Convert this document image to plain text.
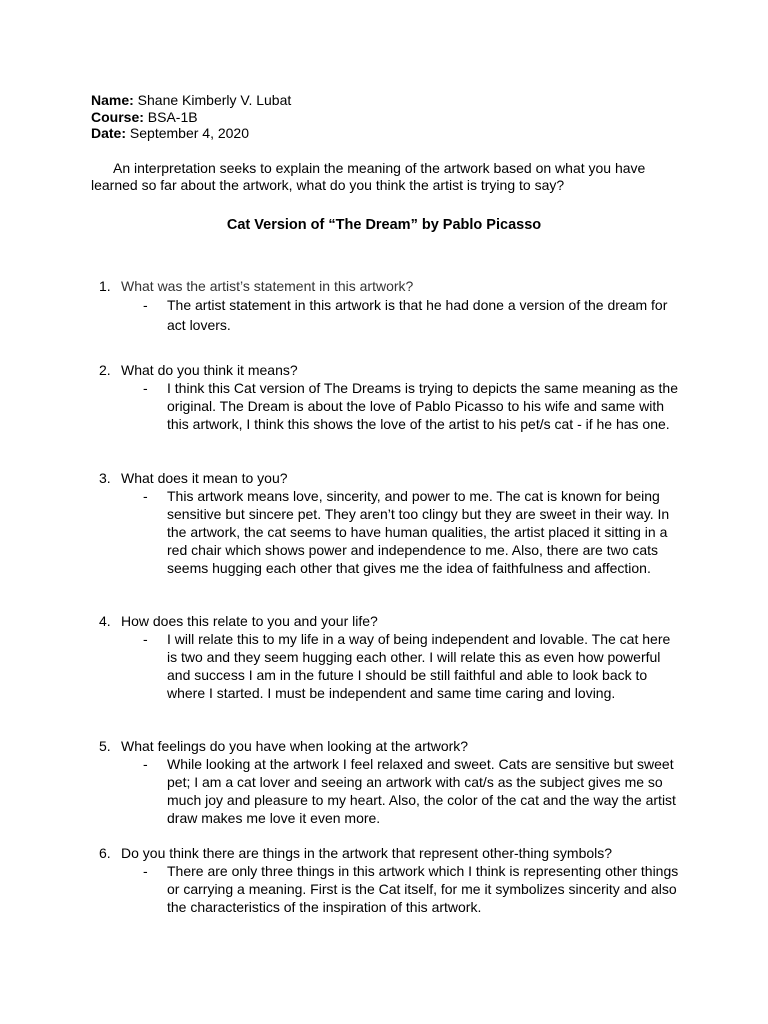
Name: Shane Kimberly V. Lubat
Course: BSA-1B
Date: September 4, 2020
An interpretation seeks to explain the meaning of the artwork based on what you have learned so far about the artwork, what do you think the artist is trying to say?
Cat Version of “The Dream” by Pablo Picasso
1. What was the artist’s statement in this artwork?
- The artist statement in this artwork is that he had done a version of the dream for act lovers.
2. What do you think it means?
- I think this Cat version of The Dreams is trying to depicts the same meaning as the original. The Dream is about the love of Pablo Picasso to his wife and same with this artwork, I think this shows the love of the artist to his pet/s cat - if he has one.
3. What does it mean to you?
- This artwork means love, sincerity, and power to me. The cat is known for being sensitive but sincere pet. They aren’t too clingy but they are sweet in their way. In the artwork, the cat seems to have human qualities, the artist placed it sitting in a red chair which shows power and independence to me. Also, there are two cats seems hugging each other that gives me the idea of faithfulness and affection.
4. How does this relate to you and your life?
- I will relate this to my life in a way of being independent and lovable. The cat here is two and they seem hugging each other. I will relate this as even how powerful and success I am in the future I should be still faithful and able to look back to where I started. I must be independent and same time caring and loving.
5. What feelings do you have when looking at the artwork?
- While looking at the artwork I feel relaxed and sweet. Cats are sensitive but sweet pet; I am a cat lover and seeing an artwork with cat/s as the subject gives me so much joy and pleasure to my heart. Also, the color of the cat and the way the artist draw makes me love it even more.
6. Do you think there are things in the artwork that represent other-thing symbols?
- There are only three things in this artwork which I think is representing other things or carrying a meaning. First is the Cat itself, for me it symbolizes sincerity and also the characteristics of the inspiration of this artwork.
